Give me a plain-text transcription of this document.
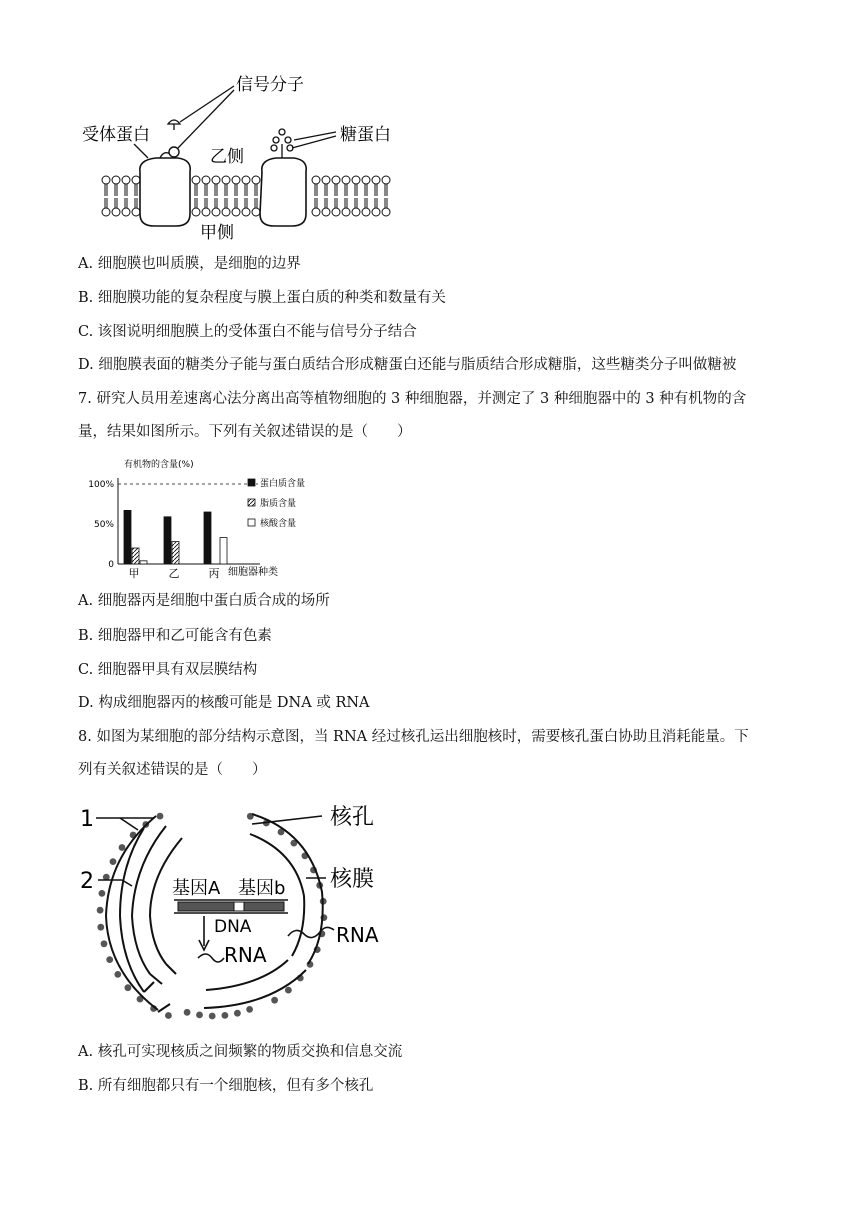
信号分子
受体蛋白	糖蛋白
乙侧
甲侧
A. 细胞膜也叫质膜，是细胞的边界
B. 细胞膜功能的复杂程度与膜上蛋白质的种类和数量有关
C. 该图说明细胞膜上的受体蛋白不能与信号分子结合
D. 细胞膜表面的糖类分子能与蛋白质结合形成糖蛋白还能与脂质结合形成糖脂，这些糖类分子叫做糖被
7. 研究人员用差速离心法分离出高等植物细胞的 3 种细胞器，并测定了 3 种细胞器中的 3 种有机物的含
量，结果如图所示。下列有关叙述错误的是（　　）
有机物的含量(%)
0
50%
100%
甲	乙	丙 细胞器种类
蛋白质含量
脂质含量
核酸含量
A. 细胞器丙是细胞中蛋白质合成的场所
B. 细胞器甲和乙可能含有色素
C. 细胞器甲具有双层膜结构
D. 构成细胞器丙的核酸可能是 DNA 或 RNA
8. 如图为某细胞的部分结构示意图，当 RNA 经过核孔运出细胞核时，需要核孔蛋白协助且消耗能量。下
列有关叙述错误的是（　　）
1
2
核孔
核膜
基因A 基因b
DNA
RNA
RNA
A. 核孔可实现核质之间频繁的物质交换和信息交流
B. 所有细胞都只有一个细胞核，但有多个核孔
